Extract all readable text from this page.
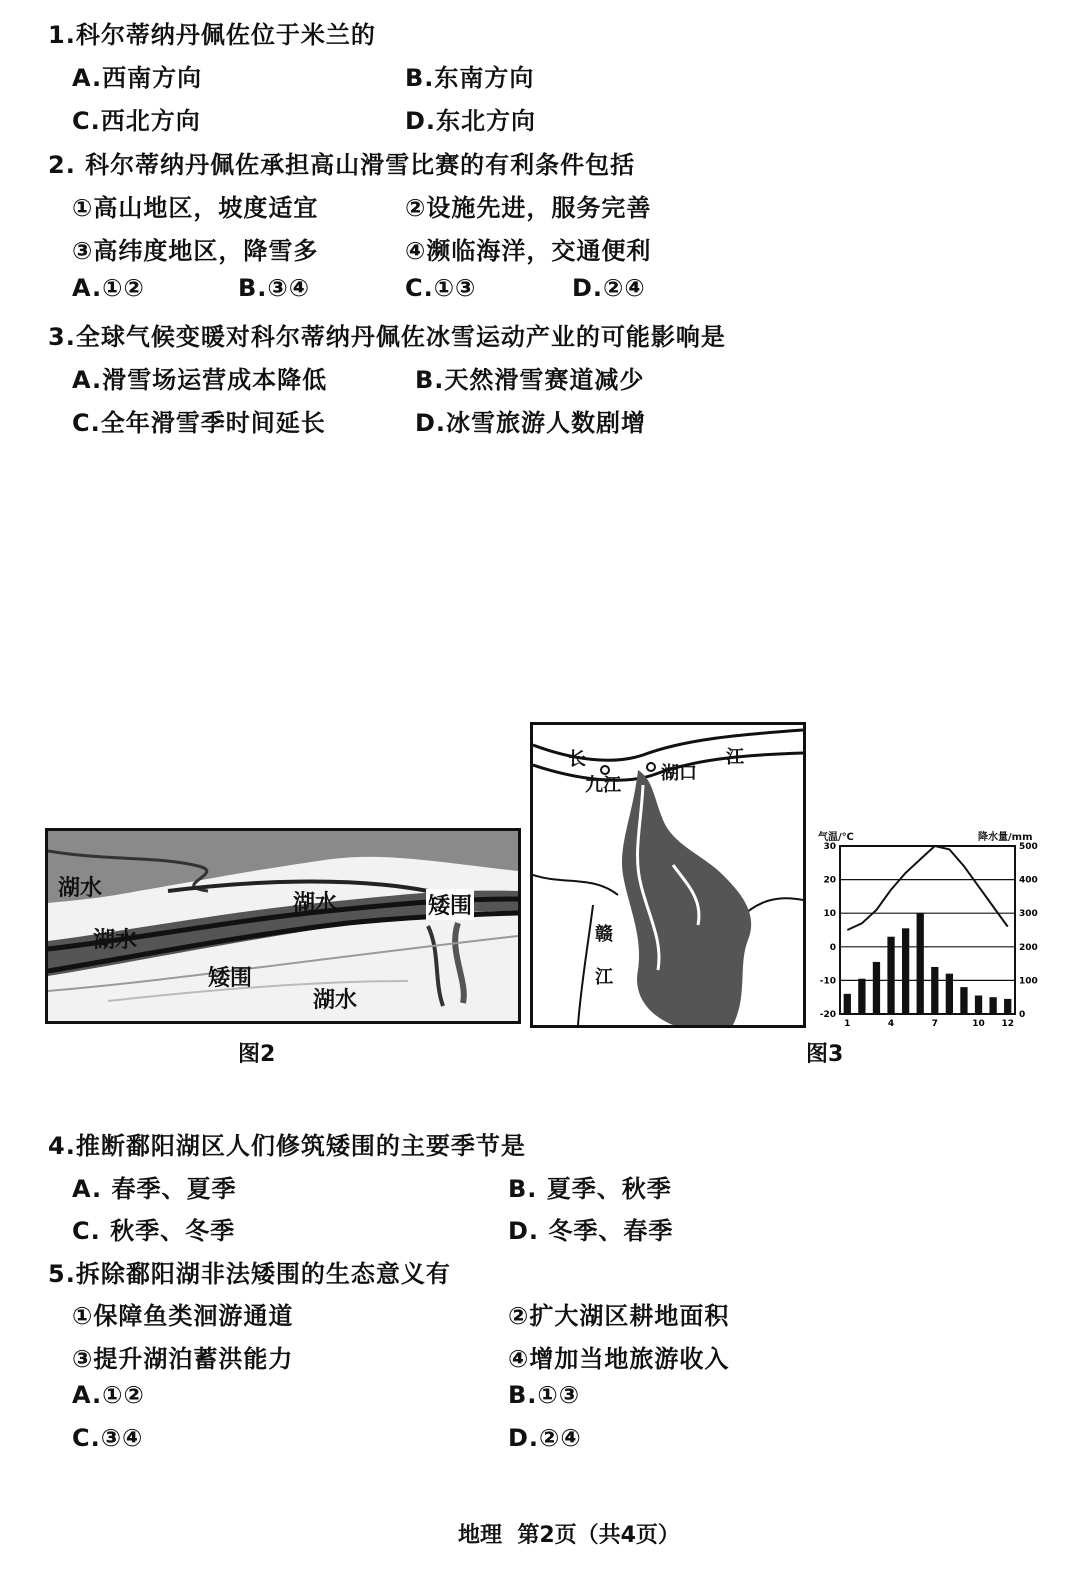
1.科尔蒂纳丹佩佐位于米兰的
A.西南方向	B.东南方向
C.西北方向	D.东北方向
2. 科尔蒂纳丹佩佐承担高山滑雪比赛的有利条件包括
①高山地区，坡度适宜	②设施先进，服务完善
③高纬度地区，降雪多	④濒临海洋，交通便利
A.①②	B.③④	C.①③	D.②④
3.全球气候变暖对科尔蒂纳丹佩佐冰雪运动产业的可能影响是
A.滑雪场运营成本降低	B.天然滑雪赛道减少
C.全年滑雪季时间延长	D.冰雪旅游人数剧增

湖水
湖水
湖水
湖水
矮围
矮围
图2
长	江
九江
湖口
赣
江
气温/℃	降水量/mm
30
20
10
0
-10
-20
500
400
300
200
100
0
1	4	7	10 12
图3
4.推断鄱阳湖区人们修筑矮围的主要季节是
A. 春季、夏季	B. 夏季、秋季
C. 秋季、冬季	D. 冬季、春季
5.拆除鄱阳湖非法矮围的生态意义有
①保障鱼类洄游通道	②扩大湖区耕地面积
③提升湖泊蓄洪能力	④增加当地旅游收入
A.①②	B.①③
C.③④	D.②④
地理  第2页（共4页）
